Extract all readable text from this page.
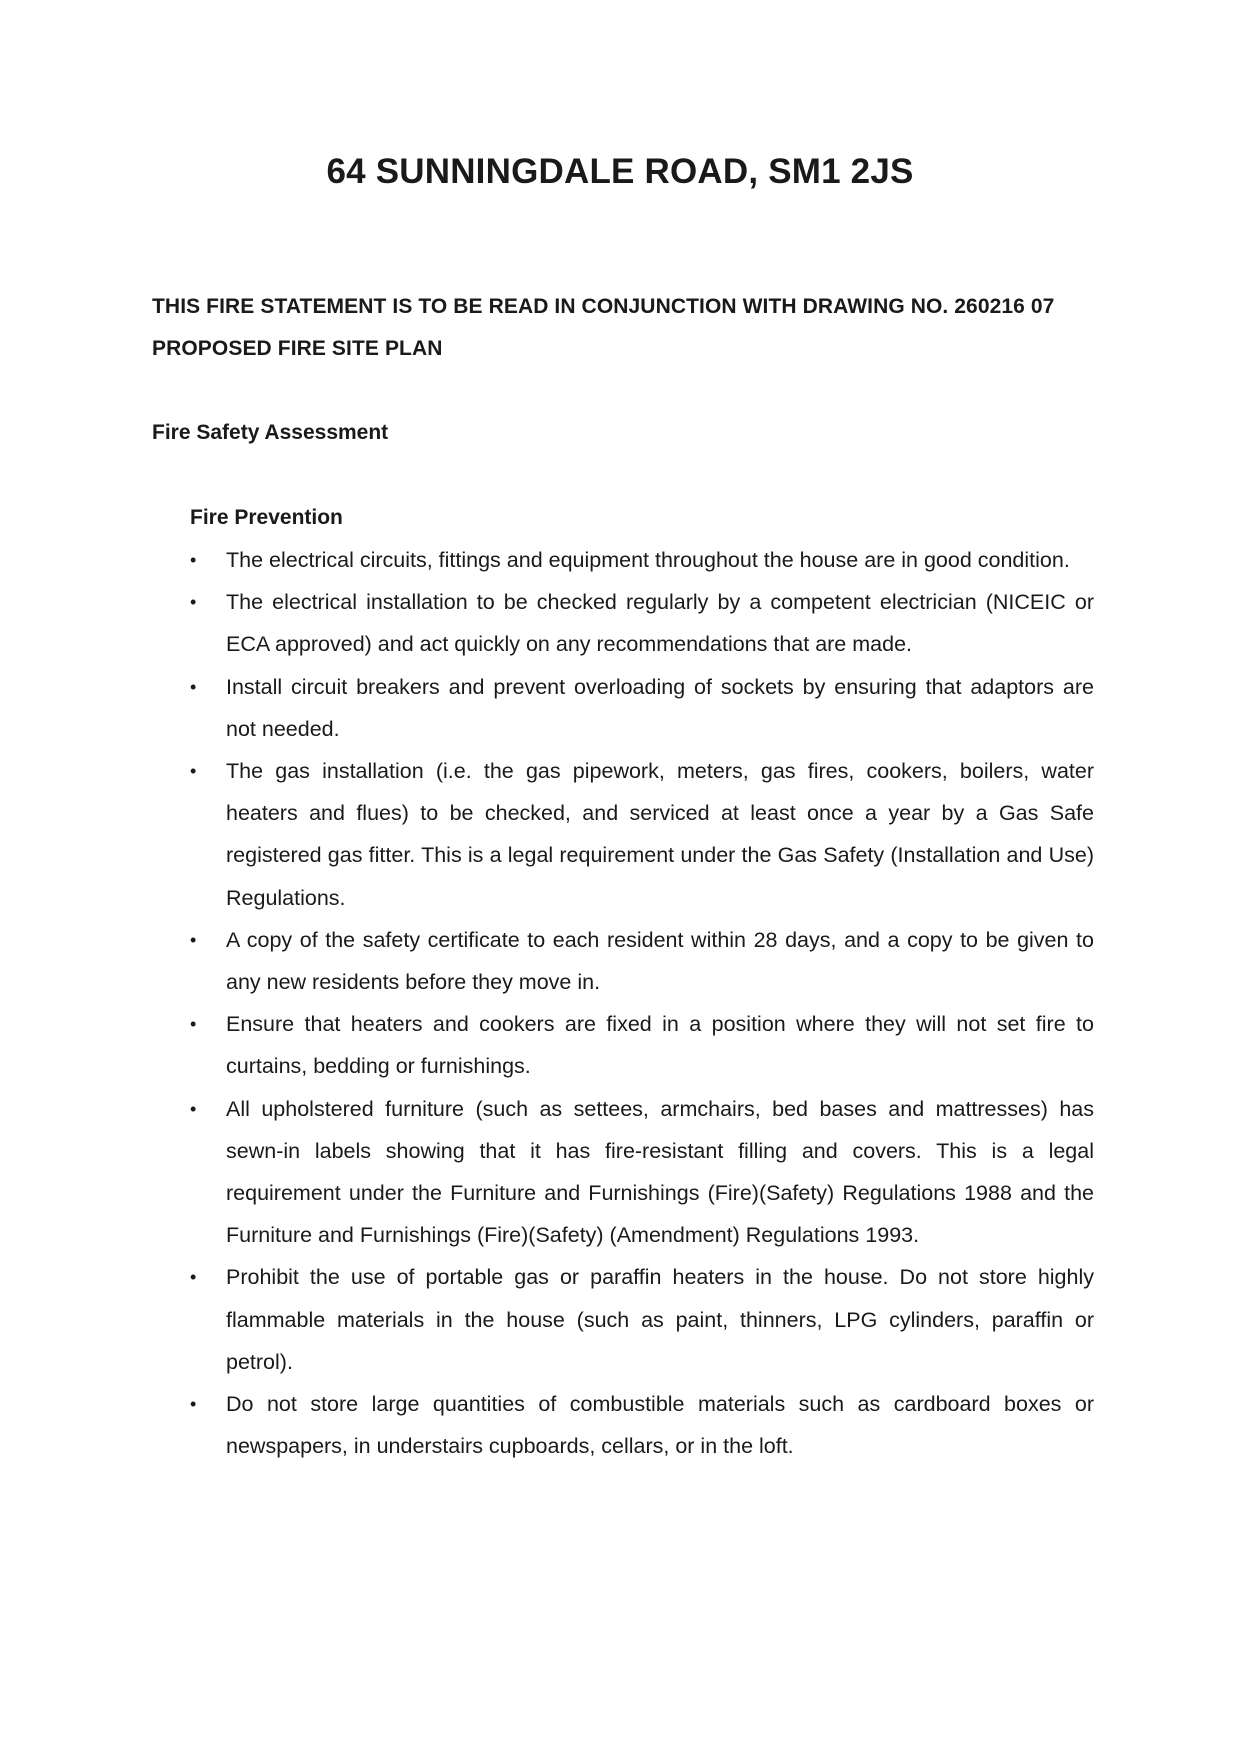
64 SUNNINGDALE ROAD, SM1 2JS

THIS FIRE STATEMENT IS TO BE READ IN CONJUNCTION WITH DRAWING NO. 260216 07 PROPOSED FIRE SITE PLAN

Fire Safety Assessment
Fire Prevention
•	The electrical circuits, fittings and equipment throughout the house are in good condition.
•	The electrical installation to be checked regularly by a competent electrician (NICEIC or ECA approved) and act quickly on any recommendations that are made.
•	Install circuit breakers and prevent overloading of sockets by ensuring that adaptors are not needed.
•	The gas installation (i.e. the gas pipework, meters, gas fires, cookers, boilers, water heaters and flues) to be checked, and serviced at least once a year by a Gas Safe registered gas fitter. This is a legal requirement under the Gas Safety (Installation and Use) Regulations.
•	A copy of the safety certificate to each resident within 28 days, and a copy to be given to any new residents before they move in.
•	Ensure that heaters and cookers are fixed in a position where they will not set fire to curtains, bedding or furnishings.
•	All upholstered furniture (such as settees, armchairs, bed bases and mattresses) has sewn-in labels showing that it has fire-resistant filling and covers. This is a legal requirement under the Furniture and Furnishings (Fire)(Safety) Regulations 1988 and the Furniture and Furnishings (Fire)(Safety) (Amendment) Regulations 1993.
•	Prohibit the use of portable gas or paraffin heaters in the house. Do not store highly flammable materials in the house (such as paint, thinners, LPG cylinders, paraffin or petrol).
•	Do not store large quantities of combustible materials such as cardboard boxes or newspapers, in understairs cupboards, cellars, or in the loft.
